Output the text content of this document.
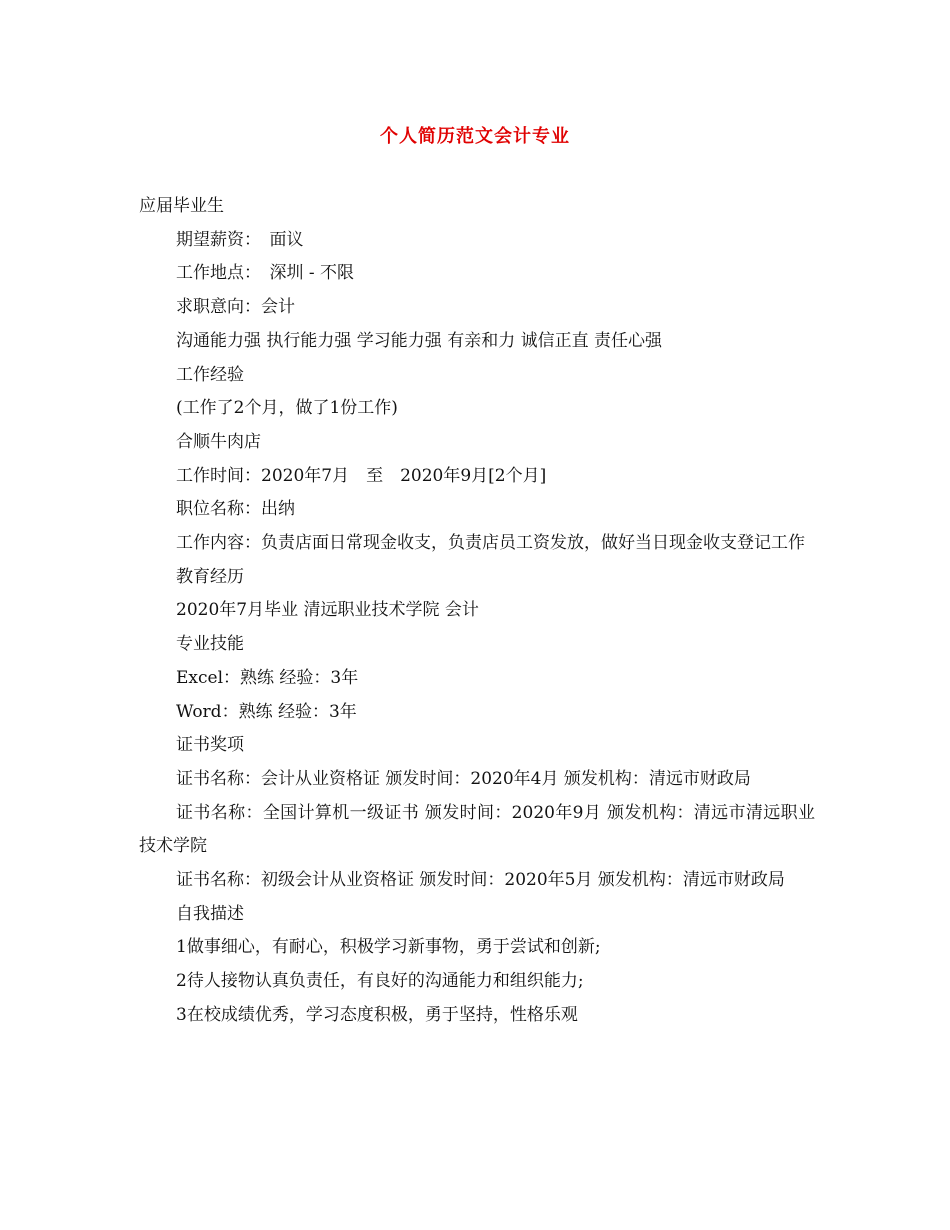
个人简历范文会计专业

应届毕业生

期望薪资：　面议

工作地点：　深圳 - 不限

求职意向：会计

沟通能力强 执行能力强 学习能力强 有亲和力 诚信正直 责任心强

工作经验

(工作了2个月，做了1份工作)

合顺牛肉店

工作时间：2020年7月　至　2020年9月[2个月]

职位名称：出纳

工作内容：负责店面日常现金收支，负责店员工资发放，做好当日现金收支登记工作

教育经历

2020年7月毕业 清远职业技术学院 会计

专业技能

Excel：熟练 经验：3年

Word：熟练 经验：3年

证书奖项

证书名称：会计从业资格证 颁发时间：2020年4月 颁发机构：清远市财政局

证书名称：全国计算机一级证书 颁发时间：2020年9月 颁发机构：清远市清远职业技术学院

证书名称：初级会计从业资格证 颁发时间：2020年5月 颁发机构：清远市财政局

自我描述

1做事细心，有耐心，积极学习新事物，勇于尝试和创新;

2待人接物认真负责任，有良好的沟通能力和组织能力;

3在校成绩优秀，学习态度积极，勇于坚持，性格乐观
